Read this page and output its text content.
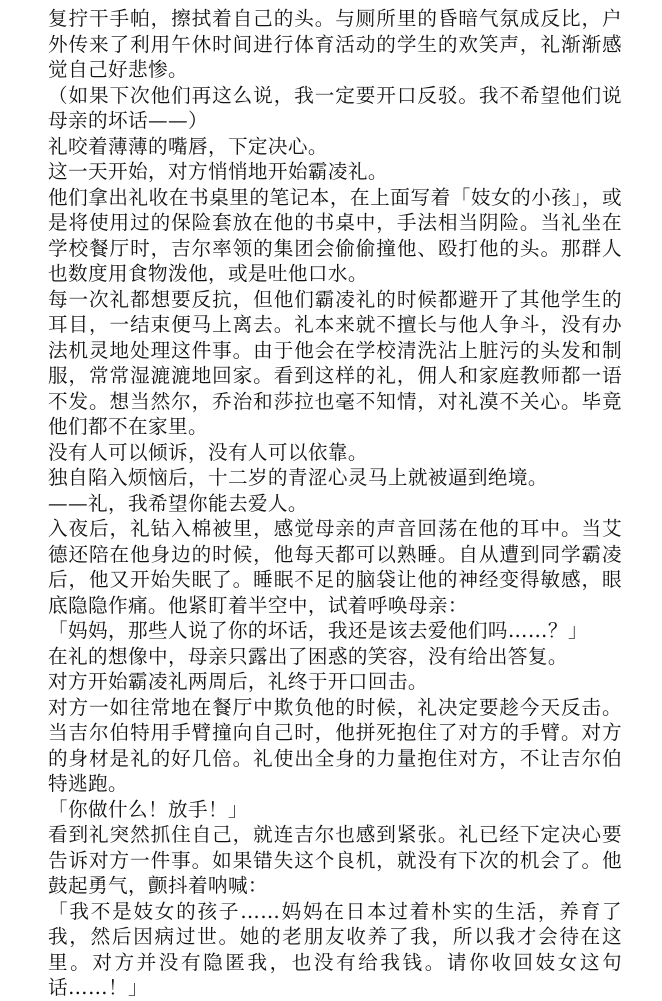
复拧干手帕，擦拭着自己的头。与厕所里的昏暗气氛成反比，户外传来了利用午休时间进行体育活动的学生的欢笑声，礼渐渐感觉自己好悲惨。

（如果下次他们再这么说，我一定要开口反驳。我不希望他们说母亲的坏话——）

礼咬着薄薄的嘴唇，下定决心。

这一天开始，对方悄悄地开始霸凌礼。

他们拿出礼收在书桌里的笔记本，在上面写着「妓女的小孩」，或是将使用过的保险套放在他的书桌中，手法相当阴险。当礼坐在学校餐厅时，吉尔率领的集团会偷偷撞他、殴打他的头。那群人也数度用食物泼他，或是吐他口水。

每一次礼都想要反抗，但他们霸凌礼的时候都避开了其他学生的耳目，一结束便马上离去。礼本来就不擅长与他人争斗，没有办法机灵地处理这件事。由于他会在学校清洗沾上脏污的头发和制服，常常湿漉漉地回家。看到这样的礼，佣人和家庭教师都一语不发。想当然尔，乔治和莎拉也毫不知情，对礼漠不关心。毕竟他们都不在家里。

没有人可以倾诉，没有人可以依靠。

独自陷入烦恼后，十二岁的青涩心灵马上就被逼到绝境。

——礼，我希望你能去爱人。

入夜后，礼钻入棉被里，感觉母亲的声音回荡在他的耳中。当艾德还陪在他身边的时候，他每天都可以熟睡。自从遭到同学霸凌后，他又开始失眠了。睡眠不足的脑袋让他的神经变得敏感，眼底隐隐作痛。他紧盯着半空中，试着呼唤母亲：

「妈妈，那些人说了你的坏话，我还是该去爱他们吗……？」

在礼的想像中，母亲只露出了困惑的笑容，没有给出答复。

对方开始霸凌礼两周后，礼终于开口回击。

对方一如往常地在餐厅中欺负他的时候，礼决定要趁今天反击。当吉尔伯特用手臂撞向自己时，他拼死抱住了对方的手臂。对方的身材是礼的好几倍。礼使出全身的力量抱住对方，不让吉尔伯特逃跑。

「你做什么！放手！」

看到礼突然抓住自己，就连吉尔也感到紧张。礼已经下定决心要告诉对方一件事。如果错失这个良机，就没有下次的机会了。他鼓起勇气，颤抖着呐喊：

「我不是妓女的孩子……妈妈在日本过着朴实的生活，养育了我，然后因病过世。她的老朋友收养了我，所以我才会待在这里。对方并没有隐匿我，也没有给我钱。请你收回妓女这句话……！」
